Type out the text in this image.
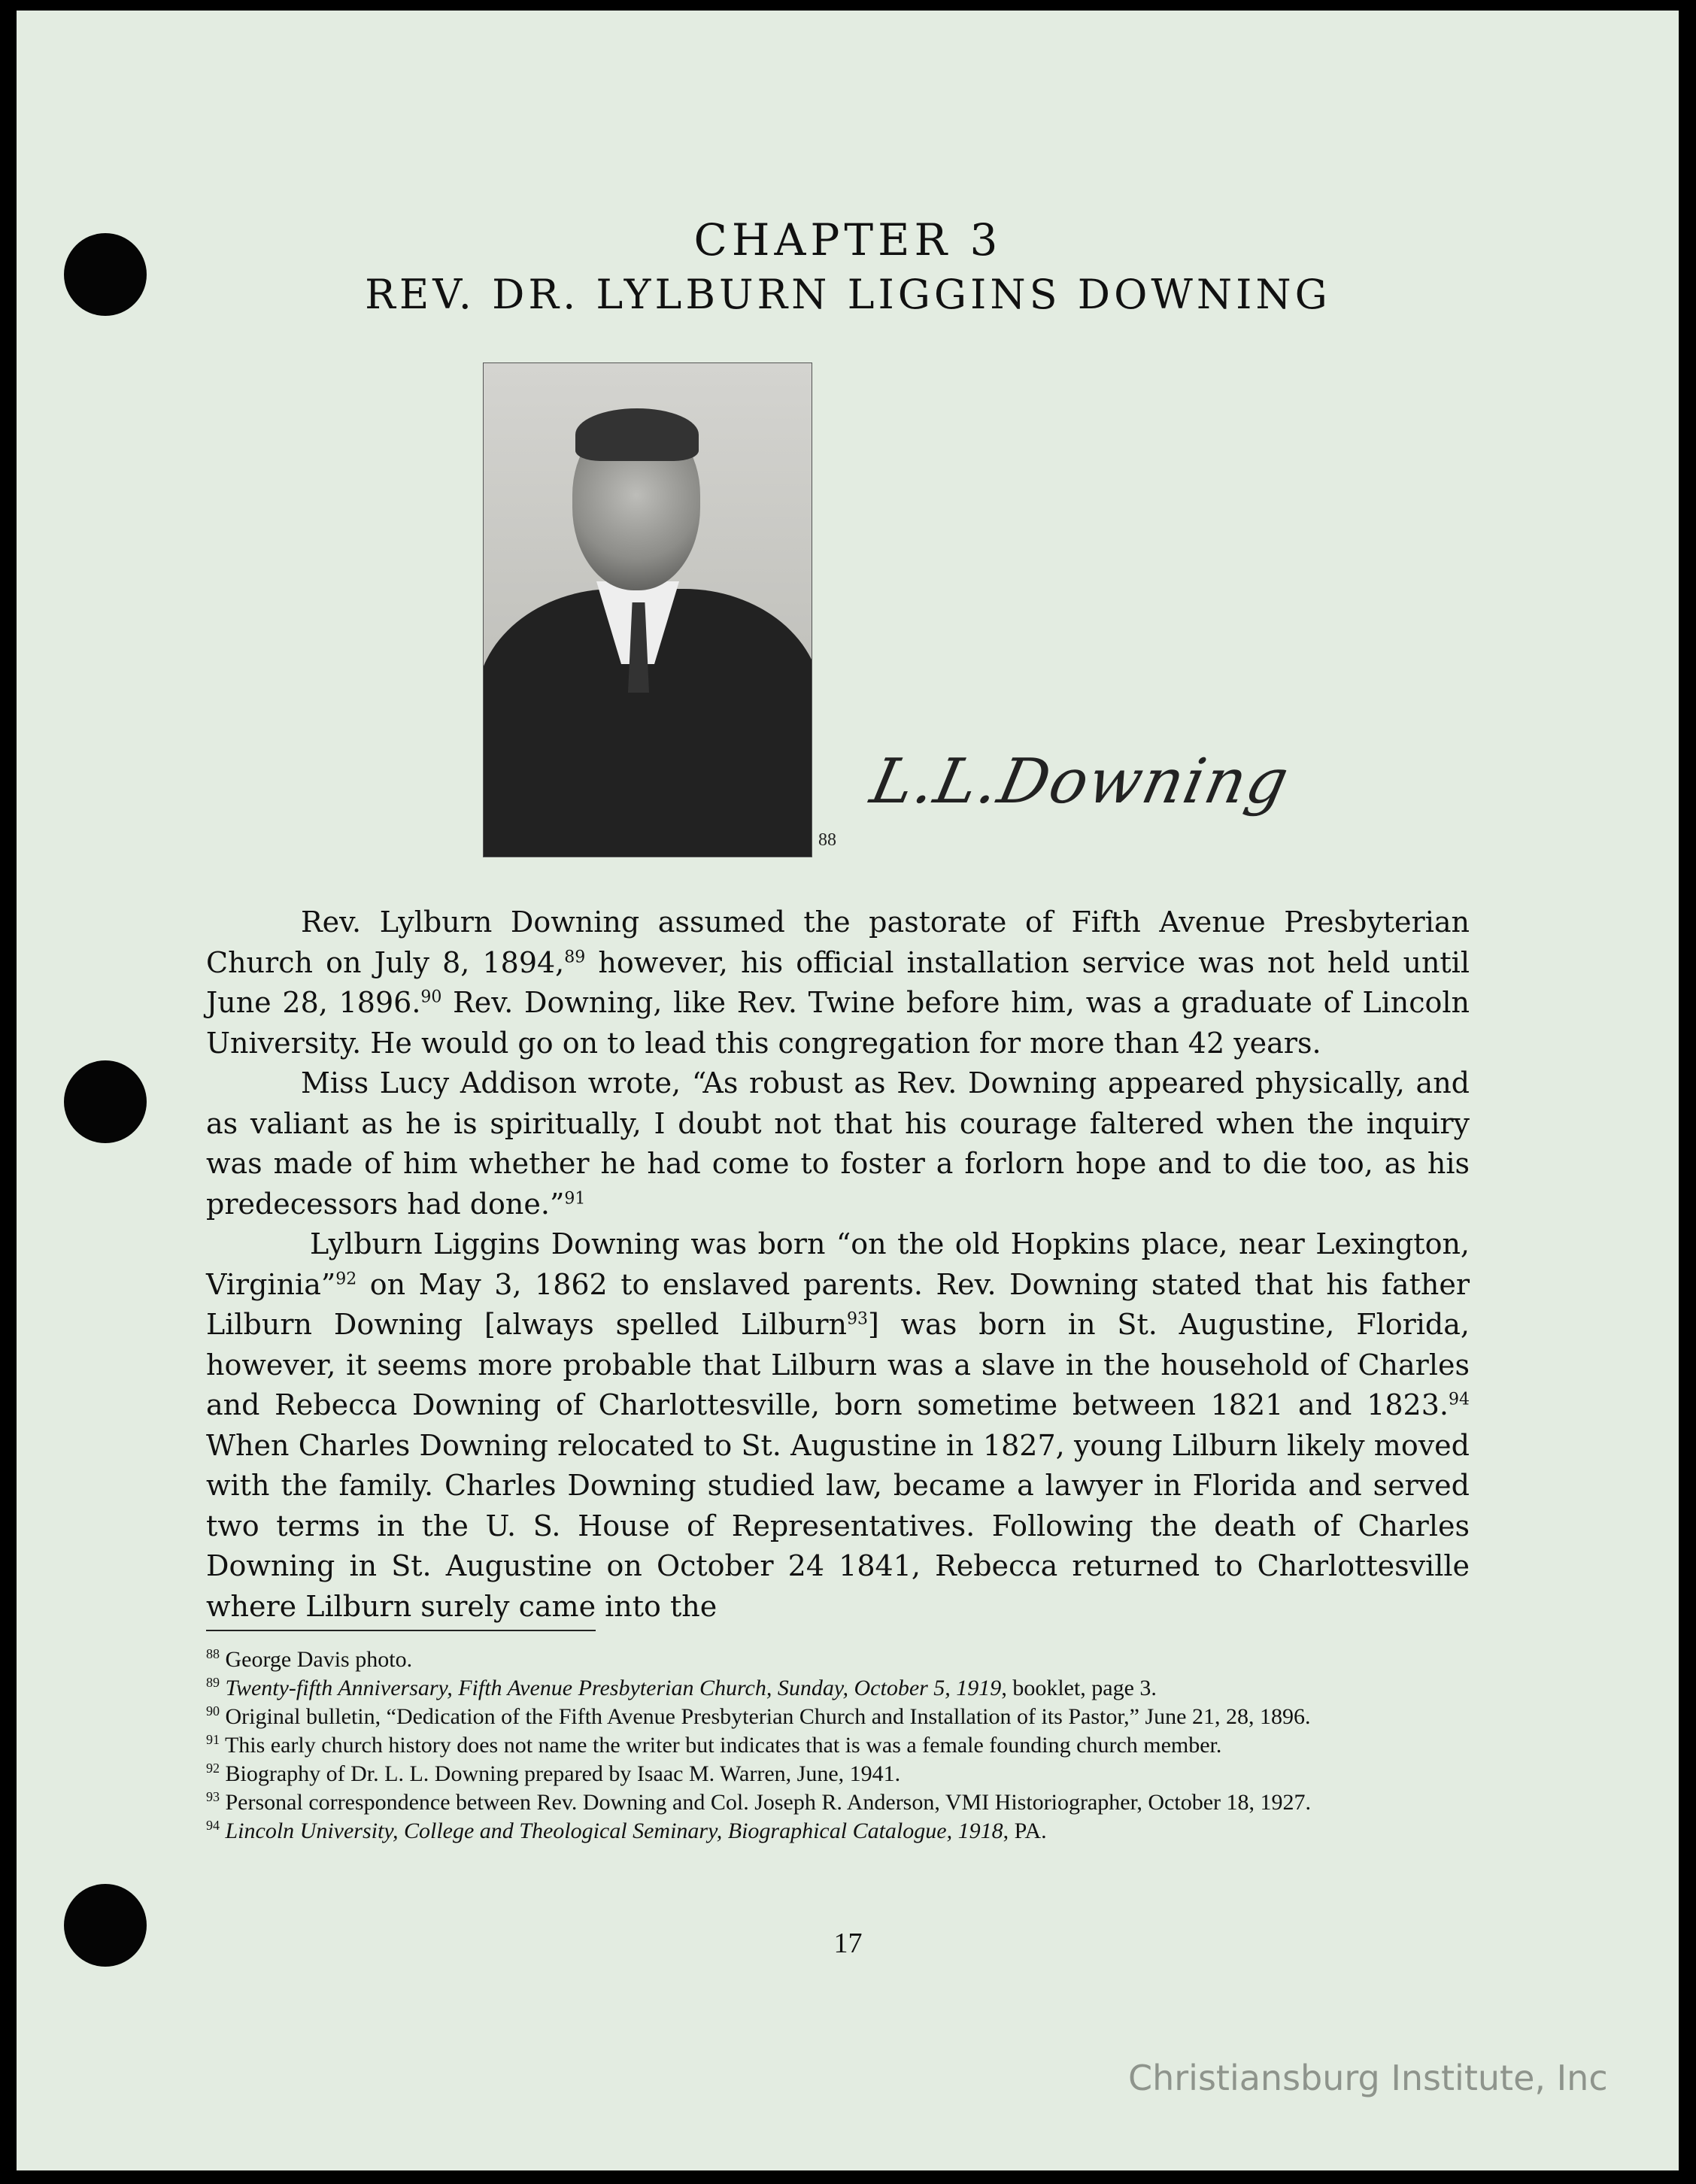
CHAPTER 3
REV. DR. LYLBURN LIGGINS DOWNING
88
L.L.Downing

Rev. Lylburn Downing assumed the pastorate of Fifth Avenue Presbyterian Church on July 8, 1894,89 however, his official installation service was not held until June 28, 1896.90 Rev. Downing, like Rev. Twine before him, was a graduate of Lincoln University. He would go on to lead this congregation for more than 42 years.

Miss Lucy Addison wrote, “As robust as Rev. Downing appeared physically, and as valiant as he is spiritually, I doubt not that his courage faltered when the inquiry was made of him whether he had come to foster a forlorn hope and to die too, as his predecessors had done.”$^{91}$

Lylburn Liggins Downing was born “on the old Hopkins place, near Lexington, Virginia”$^{92}$ on May 3, 1862 to enslaved parents. Rev. Downing stated that his father Lilburn Downing [always spelled Lilburn$^{93}$] was born in St. Augustine, Florida, however, it seems more probable that Lilburn was a slave in the household of Charles and Rebecca Downing of Charlottesville, born sometime between 1821 and 1823.94 When Charles Downing relocated to St. Augustine in 1827, young Lilburn likely moved with the family. Charles Downing studied law, became a lawyer in Florida and served two terms in the U. S. House of Representatives. Following the death of Charles Downing in St. Augustine on October 24 1841, Rebecca returned to Charlottesville where Lilburn surely came into the

$^{88}$ George Davis photo.
$^{89}$ Twenty-fifth Anniversary, Fifth Avenue Presbyterian Church, Sunday, October 5, 1919, booklet, page 3.
$^{90}$ Original bulletin, “Dedication of the Fifth Avenue Presbyterian Church and Installation of its Pastor,” June 21, 28, 1896.
$^{91}$ This early church history does not name the writer but indicates that is was a female founding church member.
$^{92}$ Biography of Dr. L. L. Downing prepared by Isaac M. Warren, June, 1941.
$^{93}$ Personal correspondence between Rev. Downing and Col. Joseph R. Anderson, VMI Historiographer, October 18, 1927.
$^{94}$ Lincoln University, College and Theological Seminary, Biographical Catalogue, 1918, PA.
17
Christiansburg Institute, Inc
